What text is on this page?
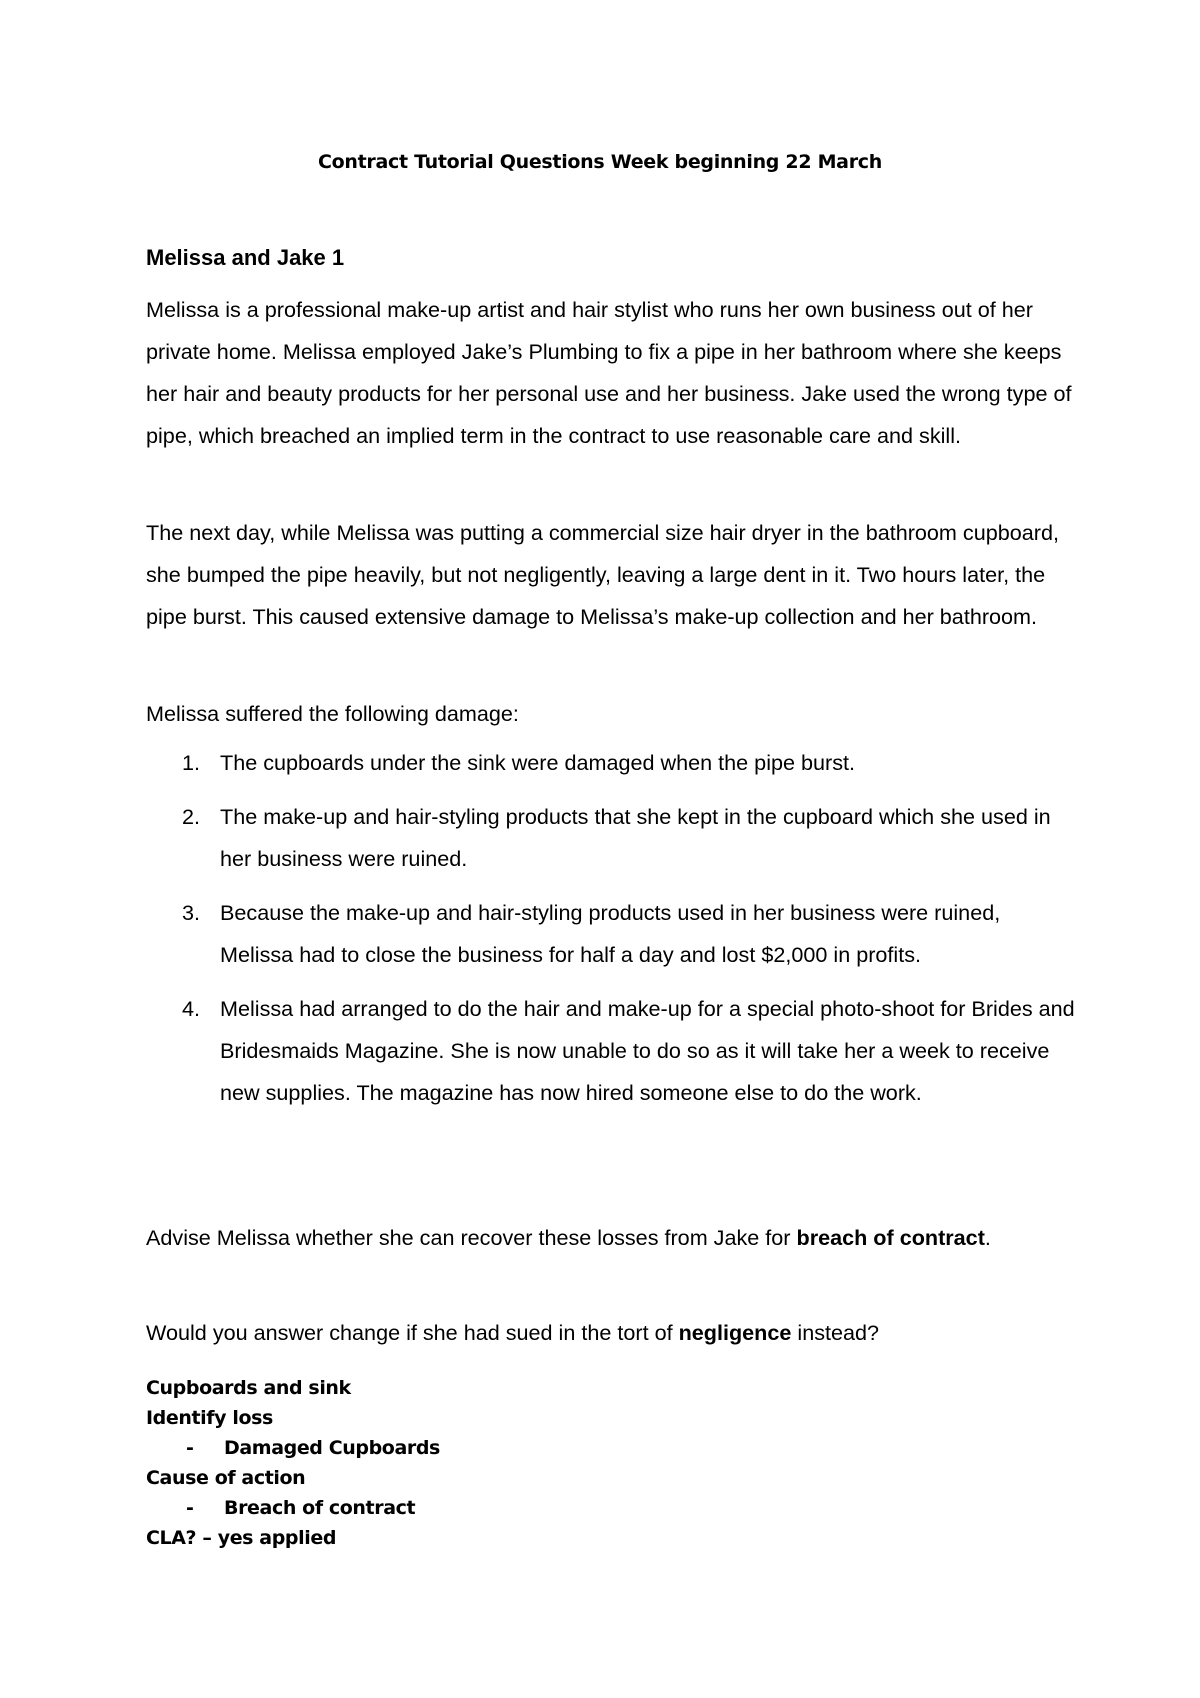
Contract Tutorial Questions Week beginning 22 March
Melissa and Jake 1
Melissa is a professional make-up artist and hair stylist who runs her own business out of her private home. Melissa employed Jake’s Plumbing to fix a pipe in her bathroom where she keeps her hair and beauty products for her personal use and her business. Jake used the wrong type of pipe, which breached an implied term in the contract to use reasonable care and skill.
The next day, while Melissa was putting a commercial size hair dryer in the bathroom cupboard, she bumped the pipe heavily, but not negligently, leaving a large dent in it. Two hours later, the pipe burst. This caused extensive damage to Melissa’s make-up collection and her bathroom.
Melissa suffered the following damage:
1. The cupboards under the sink were damaged when the pipe burst.
2. The make-up and hair-styling products that she kept in the cupboard which she used in her business were ruined.
3. Because the make-up and hair-styling products used in her business were ruined, Melissa had to close the business for half a day and lost $2,000 in profits.
4. Melissa had arranged to do the hair and make-up for a special photo-shoot for Brides and Bridesmaids Magazine. She is now unable to do so as it will take her a week to receive new supplies. The magazine has now hired someone else to do the work.
Advise Melissa whether she can recover these losses from Jake for breach of contract.
Would you answer change if she had sued in the tort of negligence instead?
Cupboards and sink
Identify loss
- Damaged Cupboards
Cause of action
- Breach of contract
CLA? – yes applied
